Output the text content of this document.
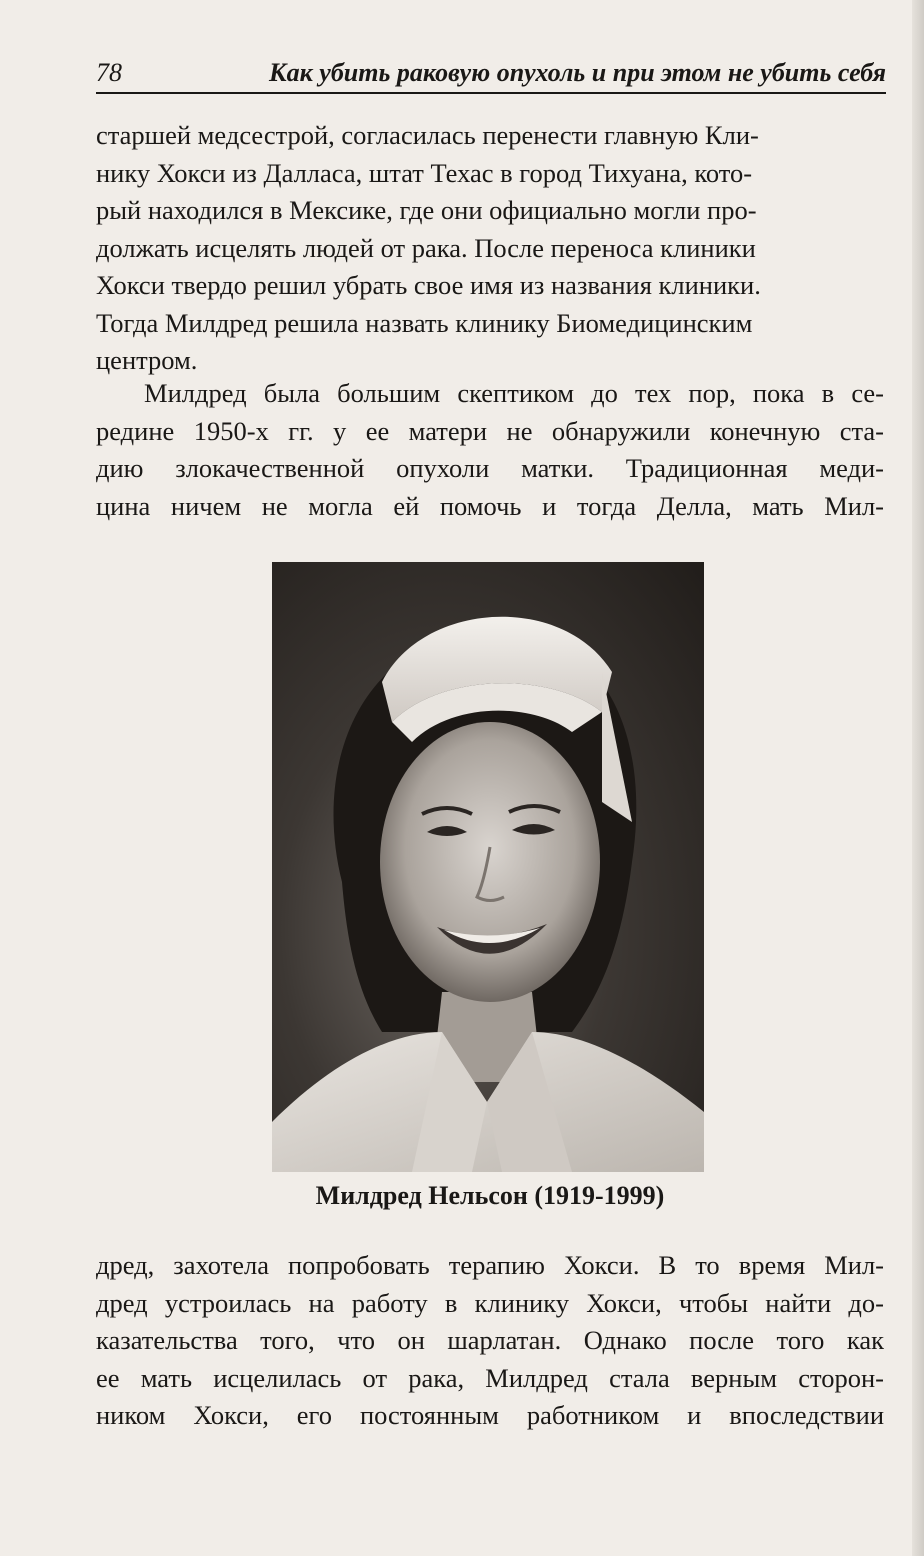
78	Как убить раковую опухоль и при этом не убить себя
старшей медсестрой, согласилась перенести главную Кли-
нику Хокси из Далласа, штат Техас в город Тихуана, кото-
рый находился в Мексике, где они официально могли про-
должать исцелять людей от рака. После переноса клиники
Хокси твердо решил убрать свое имя из названия клиники.
Тогда Милдред решила назвать клинику Биомедицинским
центром.
Милдред была большим скептиком до тех пор, пока в се-
редине 1950-х гг. у ее матери не обнаружили конечную ста-
дию злокачественной опухоли матки. Традиционная меди-
цина ничем не могла ей помочь и тогда Делла, мать Мил-

Милдред Нельсон (1919-1999)

дред, захотела попробовать терапию Хокси. В то время Мил-
дред устроилась на работу в клинику Хокси, чтобы найти до-
казательства того, что он шарлатан. Однако после того как
ее мать исцелилась от рака, Милдред стала верным сторон-
ником Хокси, его постоянным работником и впоследствии
